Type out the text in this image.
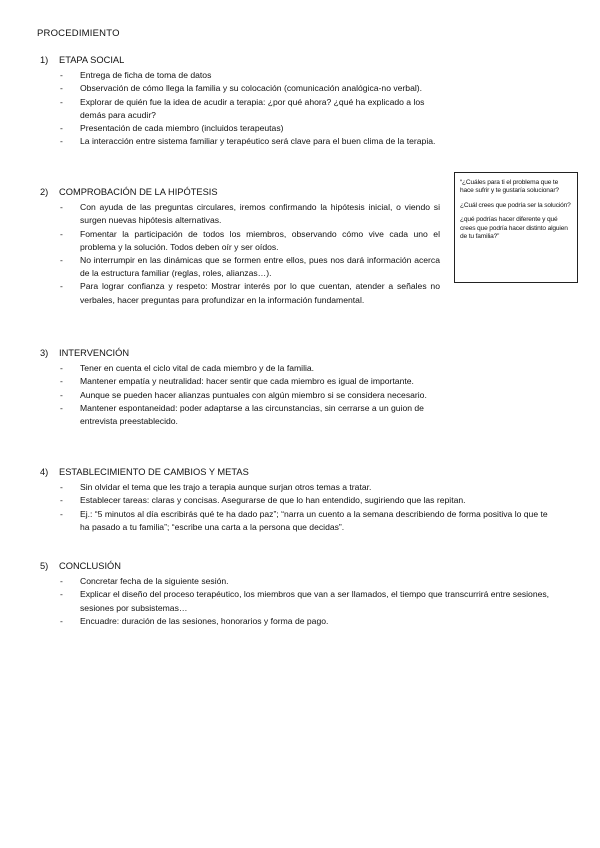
PROCEDIMIENTO
1)	ETAPA SOCIAL
-	Entrega de ficha de toma de datos
-	Observación de cómo llega la familia y su colocación (comunicación analógica-no verbal).
-	Explorar de quién fue la idea de acudir a terapia: ¿por qué ahora? ¿qué ha explicado a los demás para acudir?
-	Presentación de cada miembro (incluidos terapeutas)
-	La interacción entre sistema familiar y terapéutico será clave para el buen clima de la terapia.
2)	COMPROBACIÓN DE LA HIPÓTESIS
-	Con ayuda de las preguntas circulares, iremos confirmando la hipótesis inicial, o viendo si surgen nuevas hipótesis alternativas.
-	Fomentar la participación de todos los miembros, observando cómo vive cada uno el problema y la solución. Todos deben oír y ser oídos.
-	No interrumpir en las dinámicas que se formen entre ellos, pues nos dará información acerca de la estructura familiar (reglas, roles, alianzas…).
-	Para lograr confianza y respeto: Mostrar interés por lo que cuentan, atender a señales no verbales, hacer preguntas para profundizar en la información fundamental.

“¿Cuáles para ti el problema que te hace sufrir y te gustaría solucionar?

¿Cuál crees que podría ser la solución?

¿qué podrías hacer diferente y qué crees que podría hacer distinto alguien de tu familia?”

3)	INTERVENCIÓN
-	Tener en cuenta el ciclo vital de cada miembro y de la familia.
-	Mantener empatía y neutralidad: hacer sentir que cada miembro es igual de importante.
-	Aunque se pueden hacer alianzas puntuales con algún miembro si se considera necesario.
-	Mantener espontaneidad: poder adaptarse a las circunstancias, sin cerrarse a un guion de entrevista preestablecido.
4)	ESTABLECIMIENTO DE CAMBIOS Y METAS
-	Sin olvidar el tema que les trajo a terapia aunque surjan otros temas a tratar.
-	Establecer tareas: claras y concisas. Asegurarse de que lo han entendido, sugiriendo que las repitan.
-	Ej.: “5 minutos al día escribirás qué te ha dado paz”; “narra un cuento a la semana describiendo de forma positiva lo que te ha pasado a tu familia”; “escribe una carta a la persona que decidas”.
5)	CONCLUSIÓN
-	Concretar fecha de la siguiente sesión.
-	Explicar el diseño del proceso terapéutico, los miembros que van a ser llamados, el tiempo que transcurrirá entre sesiones, sesiones por subsistemas…
-	Encuadre: duración de las sesiones, honorarios y forma de pago.
